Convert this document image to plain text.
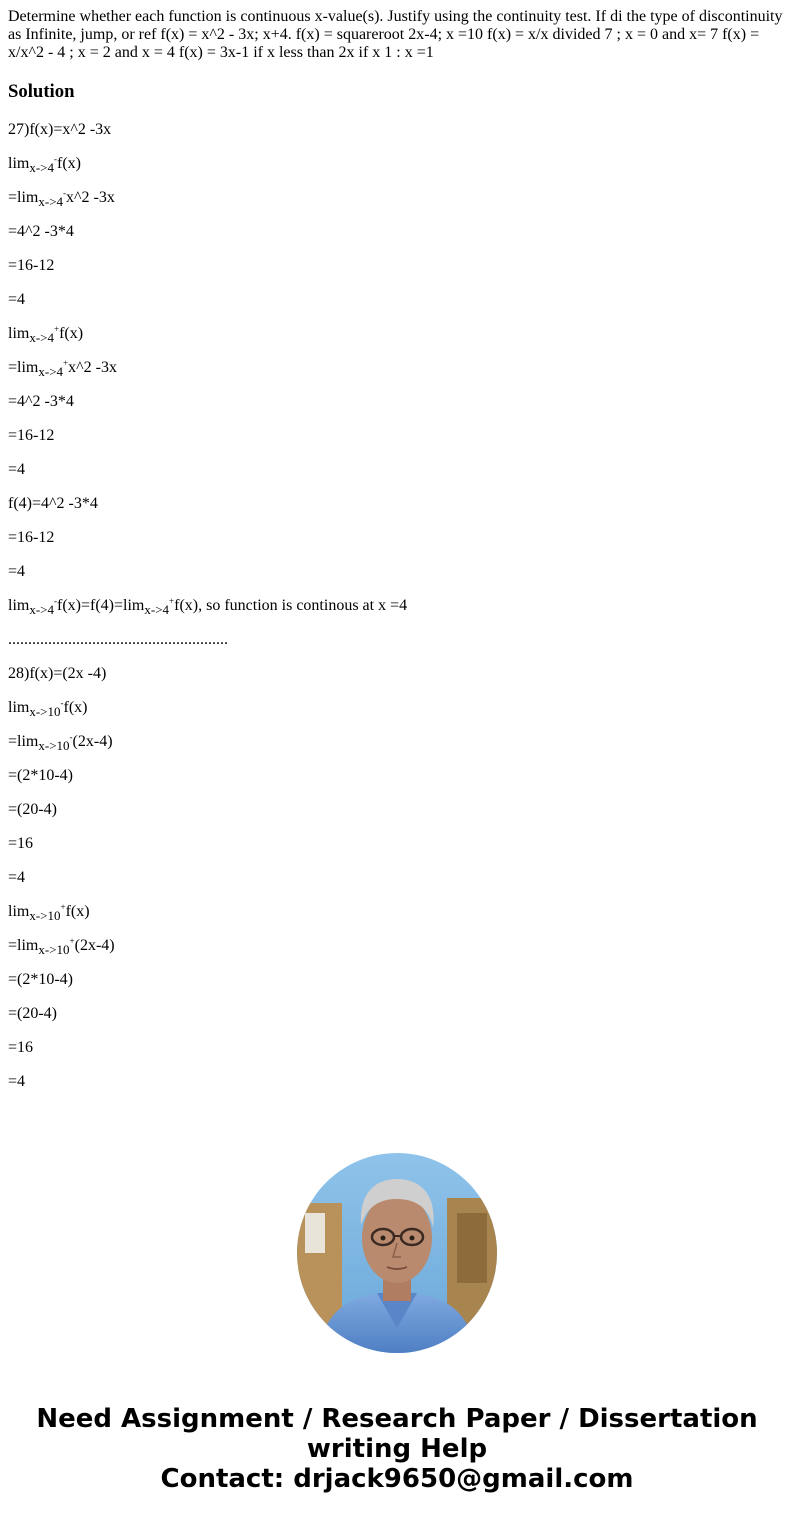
Determine whether each function is continuous x-value(s). Justify using the continuity test. If di the type of discontinuity as Infinite, jump, or ref f(x) = x^2 - 3x; x+4. f(x) = squareroot 2x-4; x =10 f(x) = x/x divided 7 ; x = 0 and x= 7 f(x) = x/x^2 - 4 ; x = 2 and x = 4 f(x) = 3x-1 if x less than 2x if x 1 : x =1
Solution
27)f(x)=x^2 -3x
$\lim_{x->4}^-f(x)$
$=\lim_{x->4}^-x\^{}2$ -3x
=4^2 -3*4
=16-12
=4
$\lim_{x->4}^+f(x)$
$=\lim_{x->4}^+x\^{}2$ -3x
=4^2 -3*4
=16-12
=4
f(4)=4^2 -3*4
=16-12
=4
$\lim_{x->4}^-f(x)=f(4)=\lim_{x->4}^+f(x)$, so function is continous at x =4
.......................................................
28)f(x)=(2x -4)
$\lim_{x->10}^-f(x)$
$=\lim_{x->10}^-(2x-4)$
=(2*10-4)
=(20-4)
=16
=4
$\lim_{x->10}^+f(x)$
$=\lim_{x->10}^+(2x-4)$
=(2*10-4)
=(20-4)
=16
=4
Need Assignment / Research Paper / Dissertation
writing Help
Contact: drjack9650@gmail.com
